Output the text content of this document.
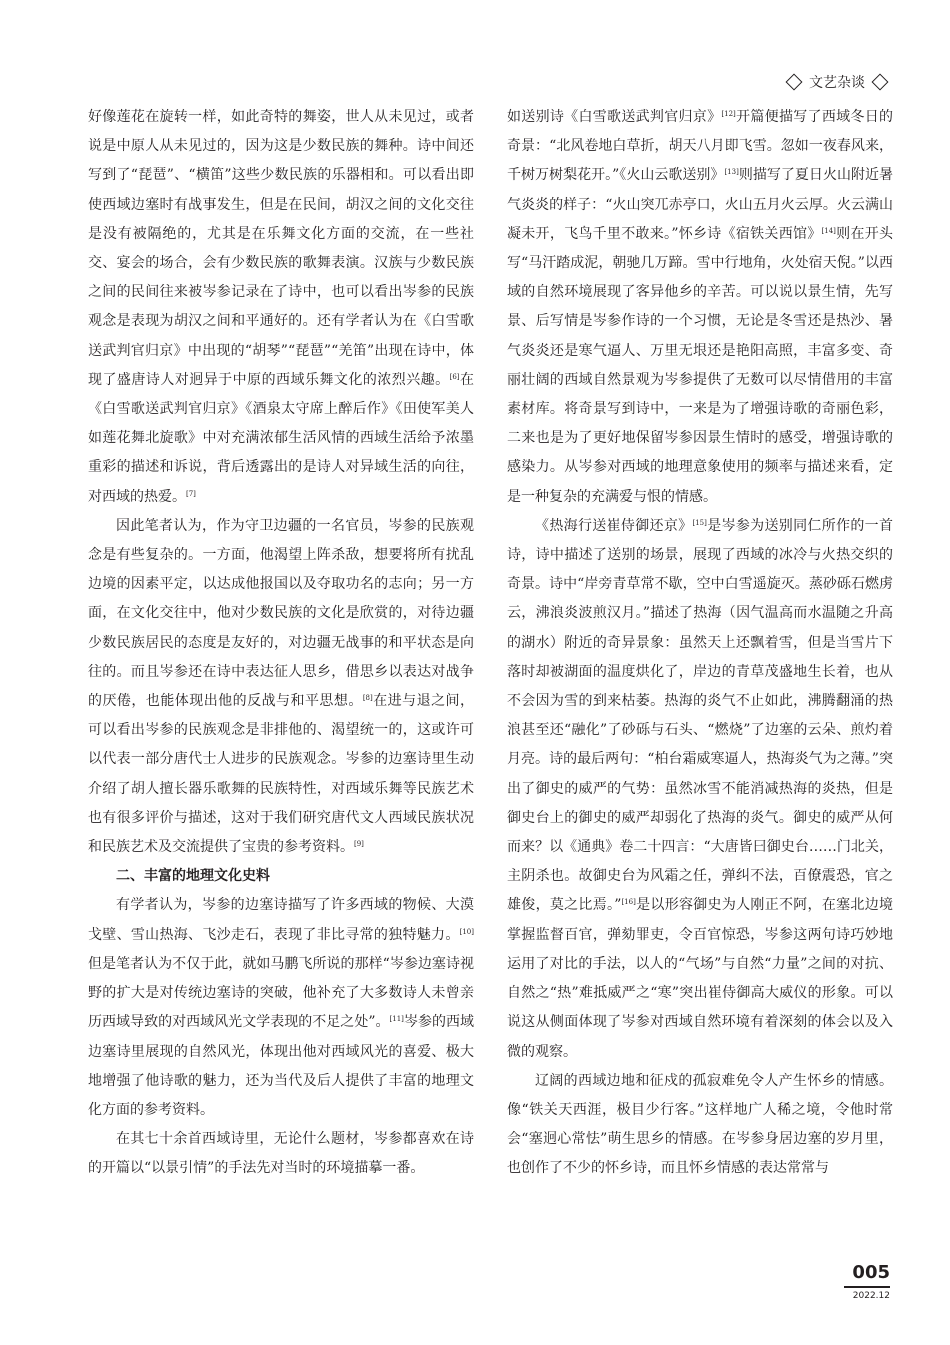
文艺杂谈

好像莲花在旋转一样，如此奇特的舞姿，世人从未见过，或者说是中原人从未见过的，因为这是少数民族的舞种。诗中间还写到了“琵琶”、“横笛”这些少数民族的乐器相和。可以看出即使西域边塞时有战事发生，但是在民间，胡汉之间的文化交往是没有被隔绝的，尤其是在乐舞文化方面的交流，在一些社交、宴会的场合，会有少数民族的歌舞表演。汉族与少数民族之间的民间往来被岑参记录在了诗中，也可以看出岑参的民族观念是表现为胡汉之间和平通好的。还有学者认为在《白雪歌送武判官归京》中出现的“胡琴”“琵琶”“羌笛”出现在诗中，体现了盛唐诗人对迥异于中原的西域乐舞文化的浓烈兴趣。[6]在《白雪歌送武判官归京》《酒泉太守席上醉后作》《田使军美人如莲花舞北旋歌》中对充满浓郁生活风情的西域生活给予浓墨重彩的描述和诉说，背后透露出的是诗人对异域生活的向往，对西域的热爱。[7]

因此笔者认为，作为守卫边疆的一名官员，岑参的民族观念是有些复杂的。一方面，他渴望上阵杀敌，想要将所有扰乱边境的因素平定，以达成他报国以及夺取功名的志向；另一方面，在文化交往中，他对少数民族的文化是欣赏的，对待边疆少数民族居民的态度是友好的，对边疆无战事的和平状态是向往的。而且岑参还在诗中表达征人思乡，借思乡以表达对战争的厌倦，也能体现出他的反战与和平思想。[8]在进与退之间，可以看出岑参的民族观念是非排他的、渴望统一的，这或许可以代表一部分唐代士人进步的民族观念。岑参的边塞诗里生动介绍了胡人擅长器乐歌舞的民族特性，对西域乐舞等民族艺术也有很多评价与描述，这对于我们研究唐代文人西域民族状况和民族艺术及交流提供了宝贵的参考资料。[9]

二、丰富的地理文化史料

有学者认为，岑参的边塞诗描写了许多西域的物候、大漠戈壁、雪山热海、飞沙走石，表现了非比寻常的独特魅力。[10]但是笔者认为不仅于此，就如马鹏飞所说的那样“岑参边塞诗视野的扩大是对传统边塞诗的突破，他补充了大多数诗人未曾亲历西域导致的对西域风光文学表现的不足之处”。[11]岑参的西域边塞诗里展现的自然风光，体现出他对西域风光的喜爱、极大地增强了他诗歌的魅力，还为当代及后人提供了丰富的地理文化方面的参考资料。

在其七十余首西域诗里，无论什么题材，岑参都喜欢在诗的开篇以“以景引情”的手法先对当时的环境描摹一番。

如送别诗《白雪歌送武判官归京》[12]开篇便描写了西域冬日的奇景：“北风卷地白草折，胡天八月即飞雪。忽如一夜春风来，千树万树梨花开。”《火山云歌送别》[13]则描写了夏日火山附近暑气炎炎的样子：“火山突兀赤亭口，火山五月火云厚。火云满山凝未开，飞鸟千里不敢来。”怀乡诗《宿铁关西馆》[14]则在开头写“马汗踏成泥，朝驰几万蹄。雪中行地角，火处宿天倪。”以西域的自然环境展现了客异他乡的辛苦。可以说以景生情，先写景、后写情是岑参作诗的一个习惯，无论是冬雪还是热沙、暑气炎炎还是寒气逼人、万里无垠还是艳阳高照，丰富多变、奇丽壮阔的西域自然景观为岑参提供了无数可以尽情借用的丰富素材库。将奇景写到诗中，一来是为了增强诗歌的奇丽色彩，二来也是为了更好地保留岑参因景生情时的感受，增强诗歌的感染力。从岑参对西域的地理意象使用的频率与描述来看，定是一种复杂的充满爱与恨的情感。

《热海行送崔侍御还京》[15]是岑参为送别同仁所作的一首诗，诗中描述了送别的场景，展现了西域的冰冷与火热交织的奇景。诗中“岸旁青草常不歇，空中白雪遥旋灭。蒸砂砾石燃虏云，沸浪炎波煎汉月。”描述了热海（因气温高而水温随之升高的湖水）附近的奇异景象：虽然天上还飘着雪，但是当雪片下落时却被湖面的温度烘化了，岸边的青草茂盛地生长着，也从不会因为雪的到来枯萎。热海的炎气不止如此，沸腾翻涌的热浪甚至还“融化”了砂砾与石头、“燃烧”了边塞的云朵、煎灼着月亮。诗的最后两句：“柏台霜威寒逼人，热海炎气为之薄。”突出了御史的威严的气势：虽然冰雪不能消减热海的炎热，但是御史台上的御史的威严却弱化了热海的炎气。御史的威严从何而来？以《通典》卷二十四言：“大唐皆曰御史台……门北关，主阴杀也。故御史台为风霜之任，弹纠不法，百僚震恐，官之雄俊，莫之比焉。”[16]是以形容御史为人刚正不阿，在塞北边境掌握监督百官，弹劾罪吏，令百官惊恐，岑参这两句诗巧妙地运用了对比的手法，以人的“气场”与自然“力量”之间的对抗、自然之“热”难抵威严之“寒”突出崔侍御高大威仪的形象。可以说这从侧面体现了岑参对西域自然环境有着深刻的体会以及入微的观察。

辽阔的西域边地和征戍的孤寂难免令人产生怀乡的情感。像“铁关天西涯，极目少行客。”这样地广人稀之境，令他时常会“塞迥心常怯”萌生思乡的情感。在岑参身居边塞的岁月里，也创作了不少的怀乡诗，而且怀乡情感的表达常常与

005
2022.12
